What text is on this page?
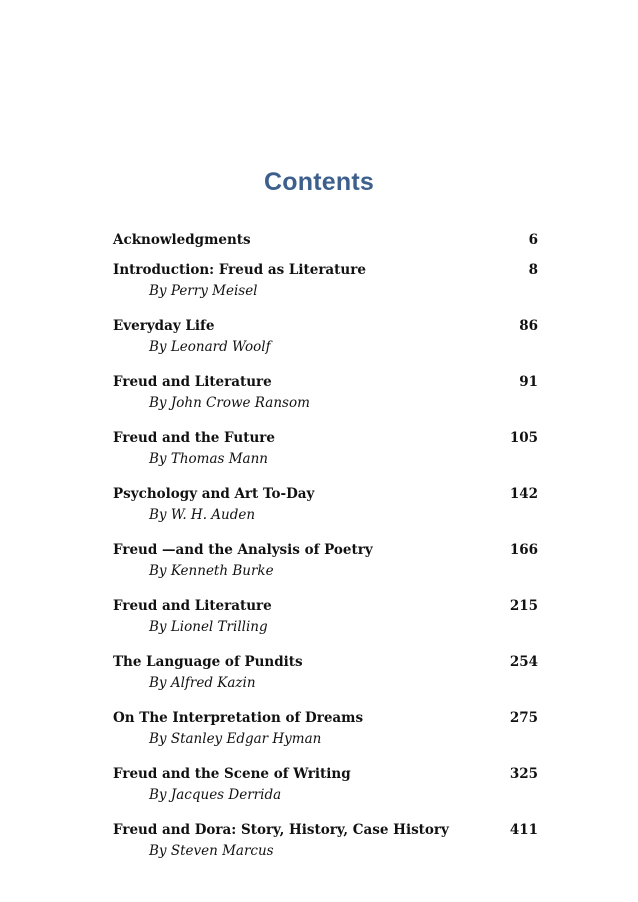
Contents
Acknowledgments	6
Introduction: Freud as Literature	8
By Perry Meisel
Everyday Life	86
By Leonard Woolf
Freud and Literature	91
By John Crowe Ransom
Freud and the Future	105
By Thomas Mann
Psychology and Art To-Day	142
By W. H. Auden
Freud —and the Analysis of Poetry	166
By Kenneth Burke
Freud and Literature	215
By Lionel Trilling
The Language of Pundits	254
By Alfred Kazin
On The Interpretation of Dreams	275
By Stanley Edgar Hyman
Freud and the Scene of Writing	325
By Jacques Derrida
Freud and Dora: Story, History, Case History	411
By Steven Marcus
